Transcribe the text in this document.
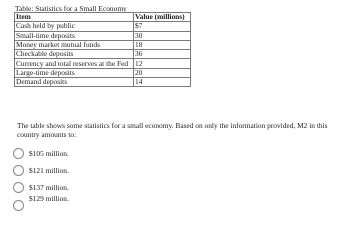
Table: Statistics for a Small Economy
Item	Value (millions)
Cash held by public	$7
Small-time deposits	30
Money market mutual funds	18
Checkable deposits	36
Currency and total reserves at the Fed	12
Large-time deposits	20
Demand deposits	14
The table shows some statistics for a small economy. Based on only the information provided, M2 in this country amounts to:
$105 million.
$121 million.
$137 million.
$129 million.
